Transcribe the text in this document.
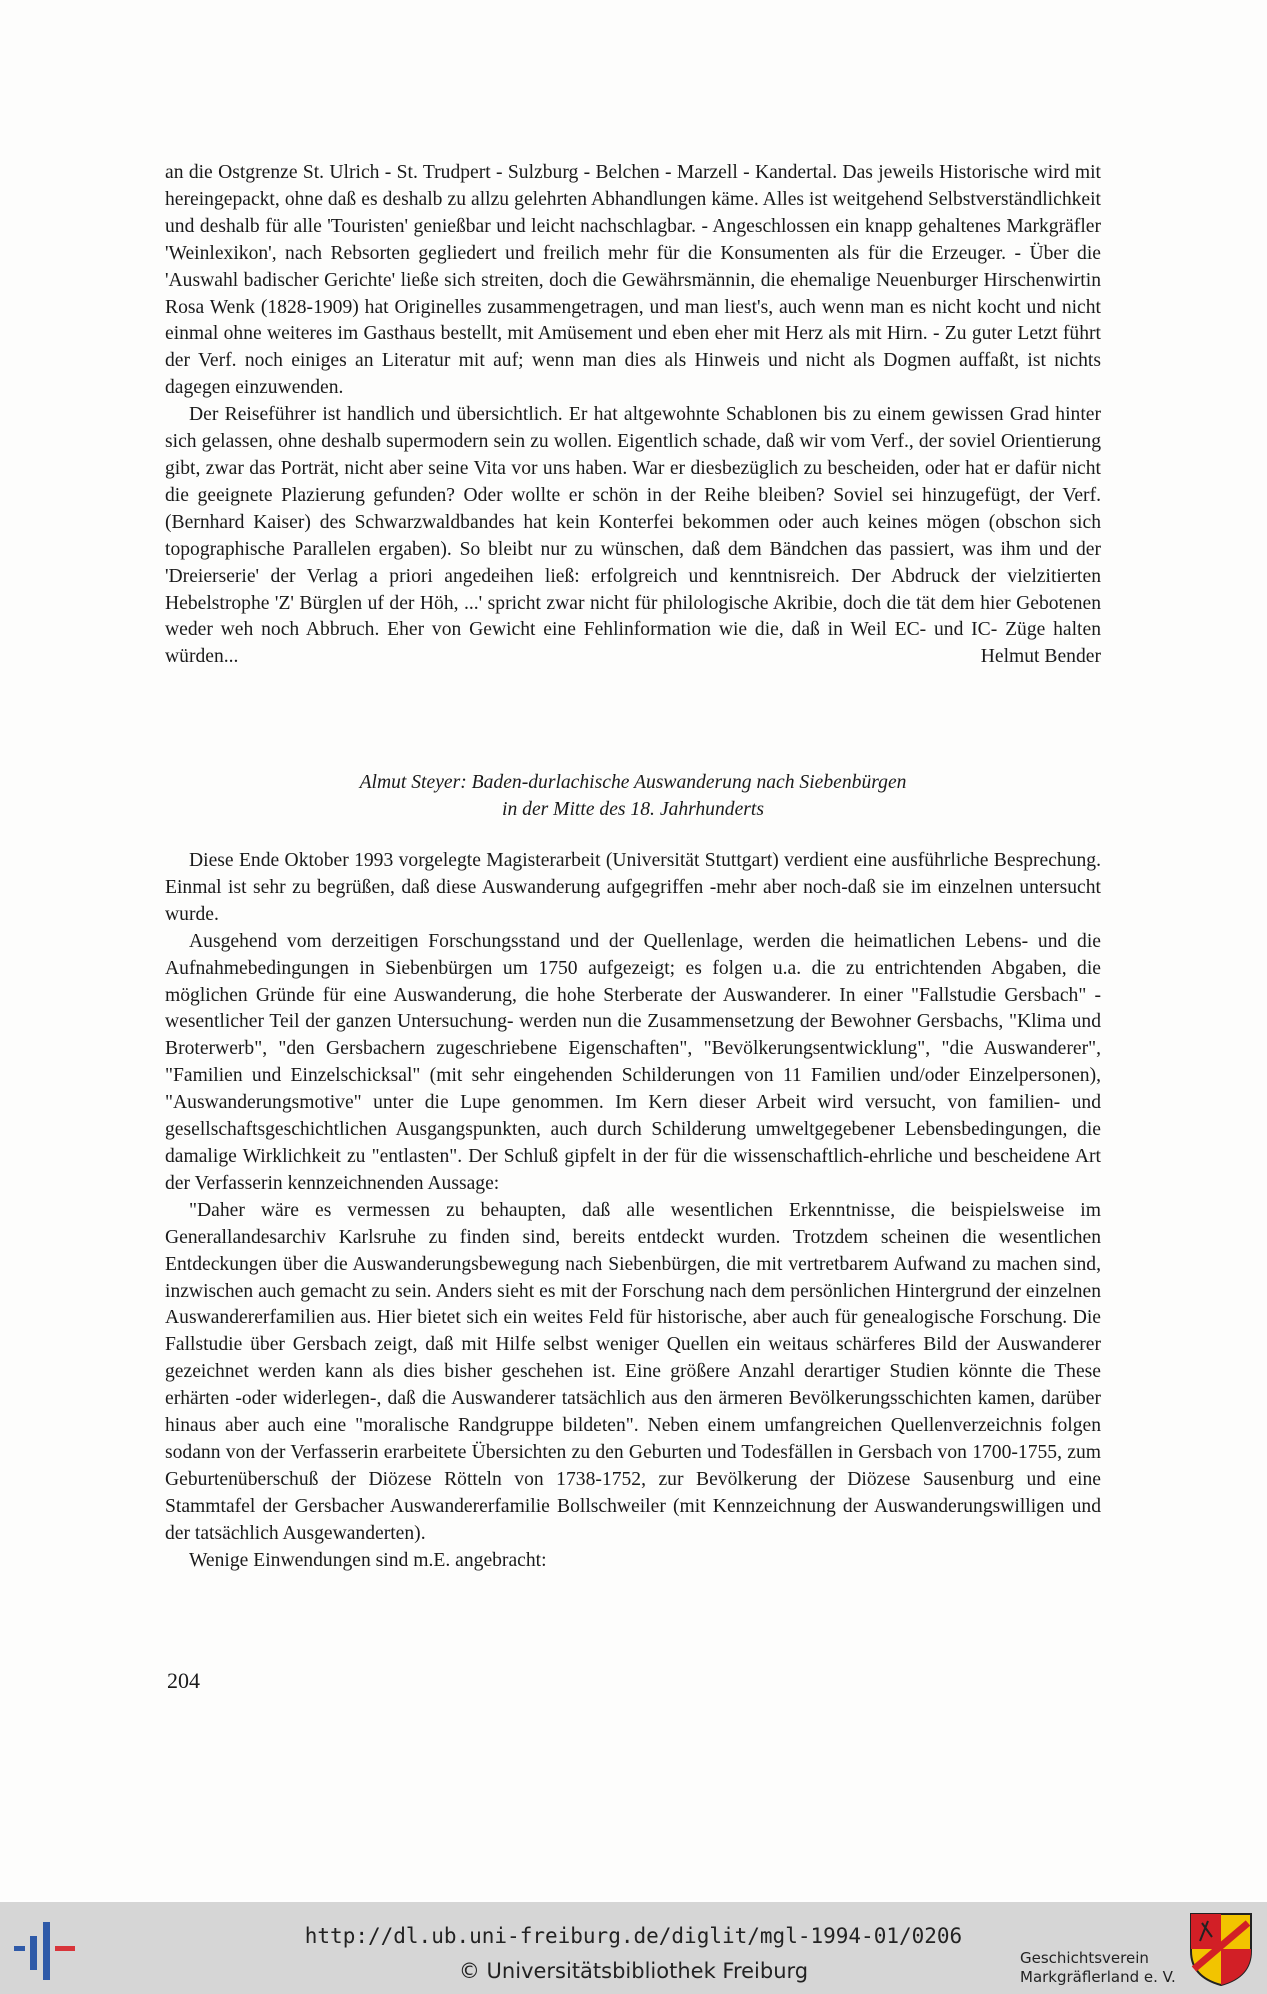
an die Ostgrenze St. Ulrich - St. Trudpert - Sulzburg - Belchen - Marzell - Kandertal. Das jeweils Historische wird mit hereingepackt, ohne daß es deshalb zu allzu gelehrten Abhandlungen käme. Alles ist weitgehend Selbstverständlichkeit und deshalb für alle 'Touristen' genießbar und leicht nachschlagbar. - Angeschlossen ein knapp gehaltenes Markgräfler 'Weinlexikon', nach Rebsorten gegliedert und freilich mehr für die Konsumenten als für die Erzeuger. - Über die 'Auswahl badischer Gerichte' ließe sich streiten, doch die Gewährsmännin, die ehemalige Neuenburger Hirschenwirtin Rosa Wenk (1828-1909) hat Originelles zusammengetragen, und man liest's, auch wenn man es nicht kocht und nicht einmal ohne weiteres im Gasthaus bestellt, mit Amüsement und eben eher mit Herz als mit Hirn. - Zu guter Letzt führt der Verf. noch einiges an Literatur mit auf; wenn man dies als Hinweis und nicht als Dogmen auffaßt, ist nichts dagegen einzuwenden.

Der Reiseführer ist handlich und übersichtlich. Er hat altgewohnte Schablonen bis zu einem gewissen Grad hinter sich gelassen, ohne deshalb supermodern sein zu wollen. Eigentlich schade, daß wir vom Verf., der soviel Orientierung gibt, zwar das Porträt, nicht aber seine Vita vor uns haben. War er diesbezüglich zu bescheiden, oder hat er dafür nicht die geeignete Plazierung gefunden? Oder wollte er schön in der Reihe bleiben? Soviel sei hinzugefügt, der Verf. (Bernhard Kaiser) des Schwarzwaldbandes hat kein Konterfei bekommen oder auch keines mögen (obschon sich topographische Parallelen ergaben). So bleibt nur zu wünschen, daß dem Bändchen das passiert, was ihm und der 'Dreierserie' der Verlag a priori angedeihen ließ: erfolgreich und kenntnisreich. Der Abdruck der vielzitierten Hebelstrophe 'Z' Bürglen uf der Höh, ...' spricht zwar nicht für philologische Akribie, doch die tät dem hier Gebotenen weder weh noch Abbruch. Eher von Gewicht eine Fehlinformation wie die, daß in Weil EC- und IC- Züge halten würden...	Helmut Bender

Almut Steyer: Baden-durlachische Auswanderung nach Siebenbürgen
in der Mitte des 18. Jahrhunderts

Diese Ende Oktober 1993 vorgelegte Magisterarbeit (Universität Stuttgart) verdient eine ausführliche Besprechung. Einmal ist sehr zu begrüßen, daß diese Auswanderung aufgegriffen -mehr aber noch-daß sie im einzelnen untersucht wurde.

Ausgehend vom derzeitigen Forschungsstand und der Quellenlage, werden die heimatlichen Lebens- und die Aufnahmebedingungen in Siebenbürgen um 1750 aufgezeigt; es folgen u.a. die zu entrichtenden Abgaben, die möglichen Gründe für eine Auswanderung, die hohe Sterberate der Auswanderer. In einer "Fallstudie Gersbach" -wesentlicher Teil der ganzen Untersuchung- werden nun die Zusammensetzung der Bewohner Gersbachs, "Klima und Broterwerb", "den Gersbachern zugeschriebene Eigenschaften", "Bevölkerungsentwicklung", "die Auswanderer", "Familien und Einzelschicksal" (mit sehr eingehenden Schilderungen von 11 Familien und/oder Einzelpersonen), "Auswanderungsmotive" unter die Lupe genommen. Im Kern dieser Arbeit wird versucht, von familien- und gesellschaftsgeschichtlichen Ausgangspunkten, auch durch Schilderung umweltgegebener Lebensbedingungen, die damalige Wirklichkeit zu "entlasten". Der Schluß gipfelt in der für die wissenschaftlich-ehrliche und bescheidene Art der Verfasserin kennzeichnenden Aussage:

"Daher wäre es vermessen zu behaupten, daß alle wesentlichen Erkenntnisse, die beispielsweise im Generallandesarchiv Karlsruhe zu finden sind, bereits entdeckt wurden. Trotzdem scheinen die wesentlichen Entdeckungen über die Auswanderungsbewegung nach Siebenbürgen, die mit vertretbarem Aufwand zu machen sind, inzwischen auch gemacht zu sein. Anders sieht es mit der Forschung nach dem persönlichen Hintergrund der einzelnen Auswandererfamilien aus. Hier bietet sich ein weites Feld für historische, aber auch für genealogische Forschung. Die Fallstudie über Gersbach zeigt, daß mit Hilfe selbst weniger Quellen ein weitaus schärferes Bild der Auswanderer gezeichnet werden kann als dies bisher geschehen ist. Eine größere Anzahl derartiger Studien könnte die These erhärten -oder widerlegen-, daß die Auswanderer tatsächlich aus den ärmeren Bevölkerungsschichten kamen, darüber hinaus aber auch eine "moralische Randgruppe bildeten". Neben einem umfangreichen Quellenverzeichnis folgen sodann von der Verfasserin erarbeitete Übersichten zu den Geburten und Todesfällen in Gersbach von 1700-1755, zum Geburtenüberschuß der Diözese Rötteln von 1738-1752, zur Bevölkerung der Diözese Sausenburg und eine Stammtafel der Gersbacher Auswandererfamilie Bollschweiler (mit Kennzeichnung der Auswanderungswilligen und der tatsächlich Ausgewanderten).

Wenige Einwendungen sind m.E. angebracht:

204
http://dl.ub.uni-freiburg.de/diglit/mgl-1994-01/0206
© Universitätsbibliothek Freiburg
Geschichtsverein
Markgräflerland e. V.
